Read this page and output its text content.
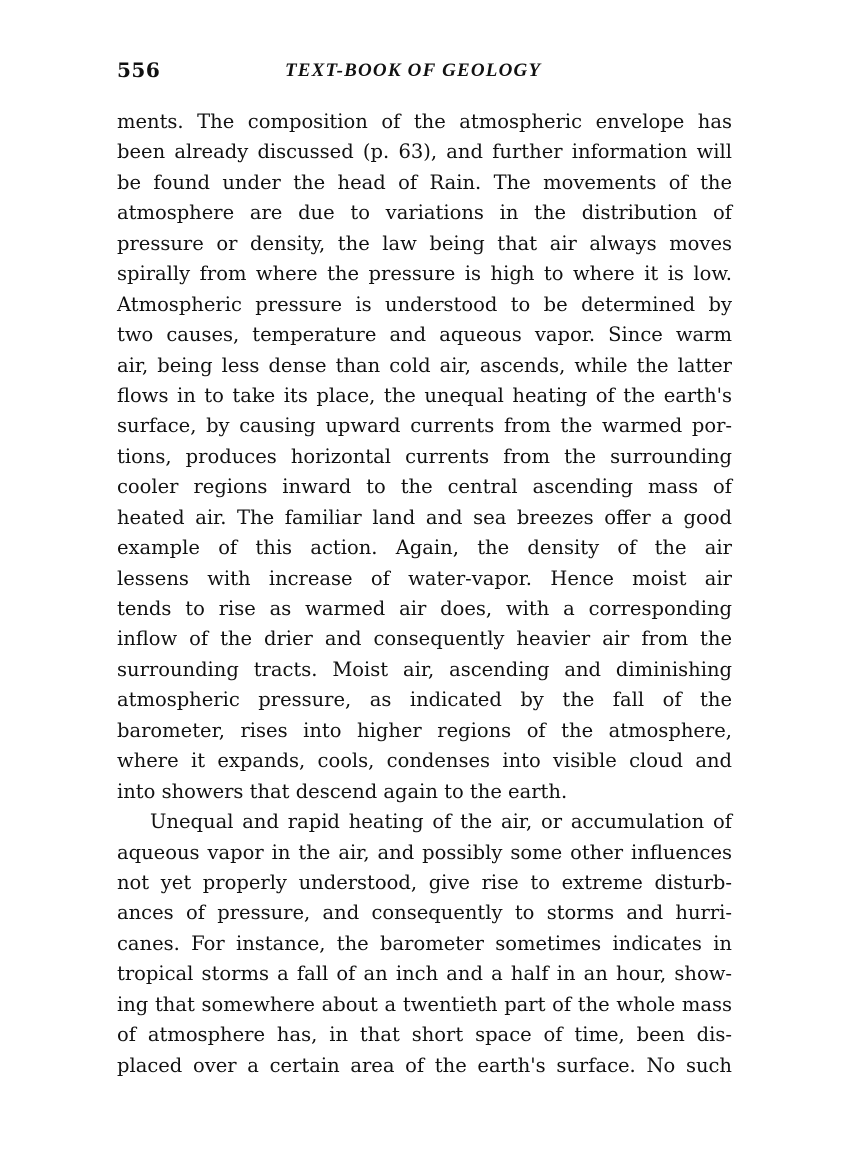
556	TEXT-BOOK OF GEOLOGY
ments. The composition of the atmospheric envelope has
been already discussed (p. 63), and further information will
be found under the head of Rain. The movements of the
atmosphere are due to variations in the distribution of
pressure or density, the law being that air always moves
spirally from where the pressure is high to where it is low.
Atmospheric pressure is understood to be determined by
two causes, temperature and aqueous vapor. Since warm
air, being less dense than cold air, ascends, while the latter
flows in to take its place, the unequal heating of the earth's
surface, by causing upward currents from the warmed por-
tions, produces horizontal currents from the surrounding
cooler regions inward to the central ascending mass of
heated air. The familiar land and sea breezes offer a good
example of this action. Again, the density of the air
lessens with increase of water-vapor. Hence moist air
tends to rise as warmed air does, with a corresponding
inflow of the drier and consequently heavier air from the
surrounding tracts. Moist air, ascending and diminishing
atmospheric pressure, as indicated by the fall of the
barometer, rises into higher regions of the atmosphere,
where it expands, cools, condenses into visible cloud and
into showers that descend again to the earth.
Unequal and rapid heating of the air, or accumulation of
aqueous vapor in the air, and possibly some other influences
not yet properly understood, give rise to extreme disturb-
ances of pressure, and consequently to storms and hurri-
canes. For instance, the barometer sometimes indicates in
tropical storms a fall of an inch and a half in an hour, show-
ing that somewhere about a twentieth part of the whole mass
of atmosphere has, in that short space of time, been dis-
placed over a certain area of the earth's surface. No such
